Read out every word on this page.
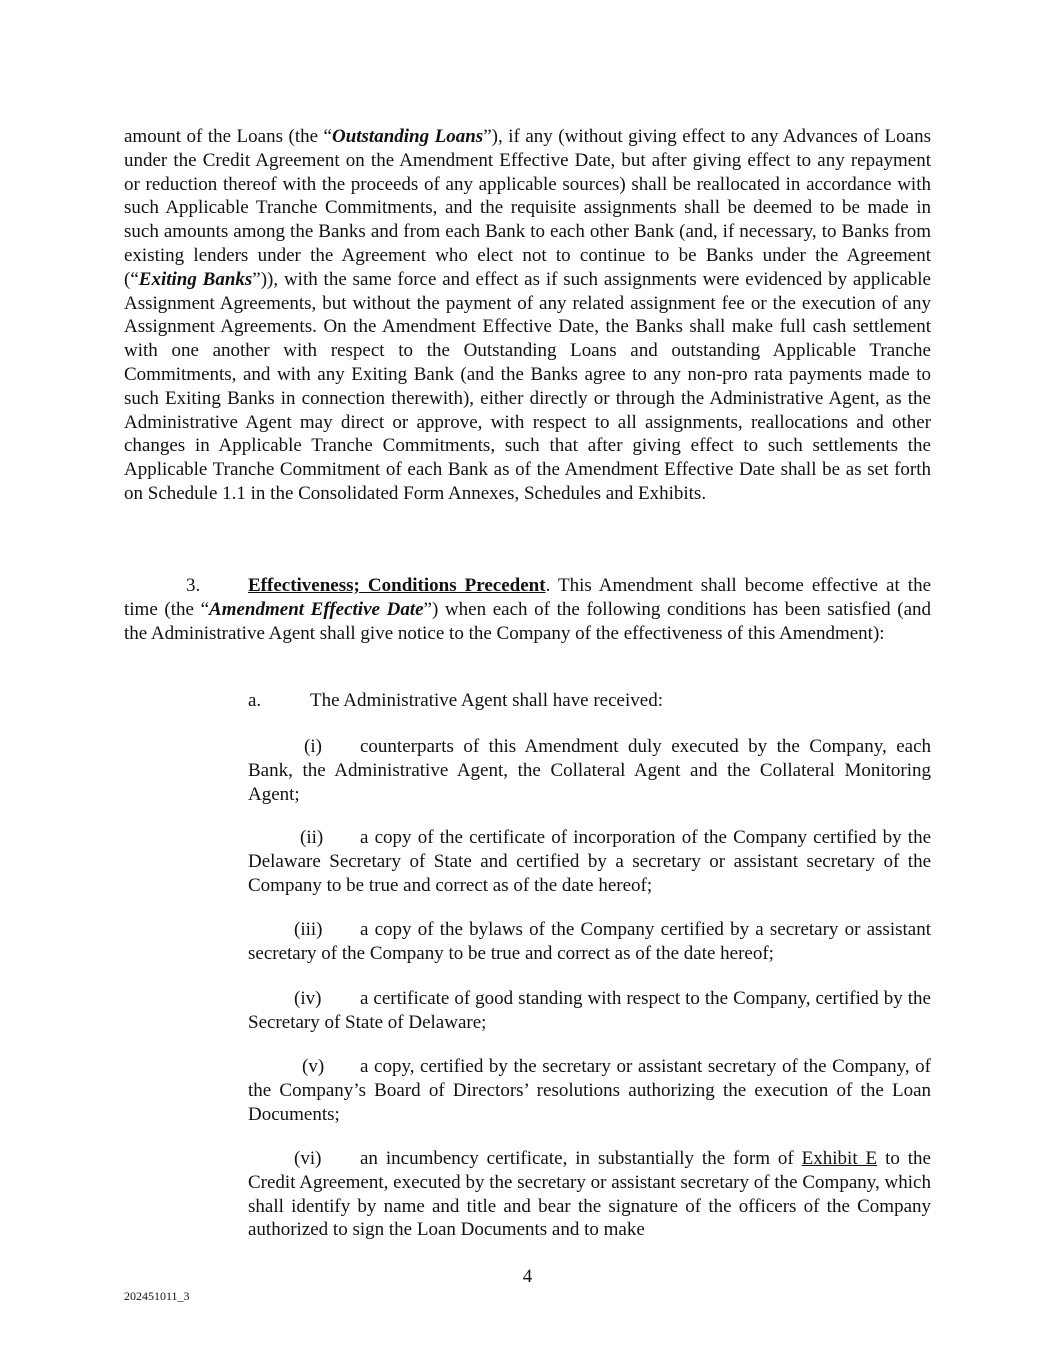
amount of the Loans (the “Outstanding Loans”), if any (without giving effect to any Advances of Loans under the Credit Agreement on the Amendment Effective Date, but after giving effect to any repayment or reduction thereof with the proceeds of any applicable sources) shall be reallocated in accordance with such Applicable Tranche Commitments, and the requisite assignments shall be deemed to be made in such amounts among the Banks and from each Bank to each other Bank (and, if necessary, to Banks from existing lenders under the Agreement who elect not to continue to be Banks under the Agreement (“Exiting Banks”)), with the same force and effect as if such assignments were evidenced by applicable Assignment Agreements, but without the payment of any related assignment fee or the execution of any Assignment Agreements. On the Amendment Effective Date, the Banks shall make full cash settlement with one another with respect to the Outstanding Loans and outstanding Applicable Tranche Commitments, and with any Exiting Bank (and the Banks agree to any non-pro rata payments made to such Exiting Banks in connection therewith), either directly or through the Administrative Agent, as the Administrative Agent may direct or approve, with respect to all assignments, reallocations and other changes in Applicable Tranche Commitments, such that after giving effect to such settlements the Applicable Tranche Commitment of each Bank as of the Amendment Effective Date shall be as set forth on Schedule 1.1 in the Consolidated Form Annexes, Schedules and Exhibits.

3.	Effectiveness; Conditions Precedent. This Amendment shall become effective at the time (the “Amendment Effective Date”) when each of the following conditions has been satisfied (and the Administrative Agent shall give notice to the Company of the effectiveness of this Amendment):

a.	The Administrative Agent shall have received:

(i) counterparts of this Amendment duly executed by the Company, each Bank, the Administrative Agent, the Collateral Agent and the Collateral Monitoring Agent;

(ii) a copy of the certificate of incorporation of the Company certified by the Delaware Secretary of State and certified by a secretary or assistant secretary of the Company to be true and correct as of the date hereof;

(iii) a copy of the bylaws of the Company certified by a secretary or assistant secretary of the Company to be true and correct as of the date hereof;

(iv) a certificate of good standing with respect to the Company, certified by the Secretary of State of Delaware;

(v) a copy, certified by the secretary or assistant secretary of the Company, of the Company’s Board of Directors’ resolutions authorizing the execution of the Loan Documents;

(vi) an incumbency certificate, in substantially the form of Exhibit E to the Credit Agreement, executed by the secretary or assistant secretary of the Company, which shall identify by name and title and bear the signature of the officers of the Company authorized to sign the Loan Documents and to make

4
202451011_3
